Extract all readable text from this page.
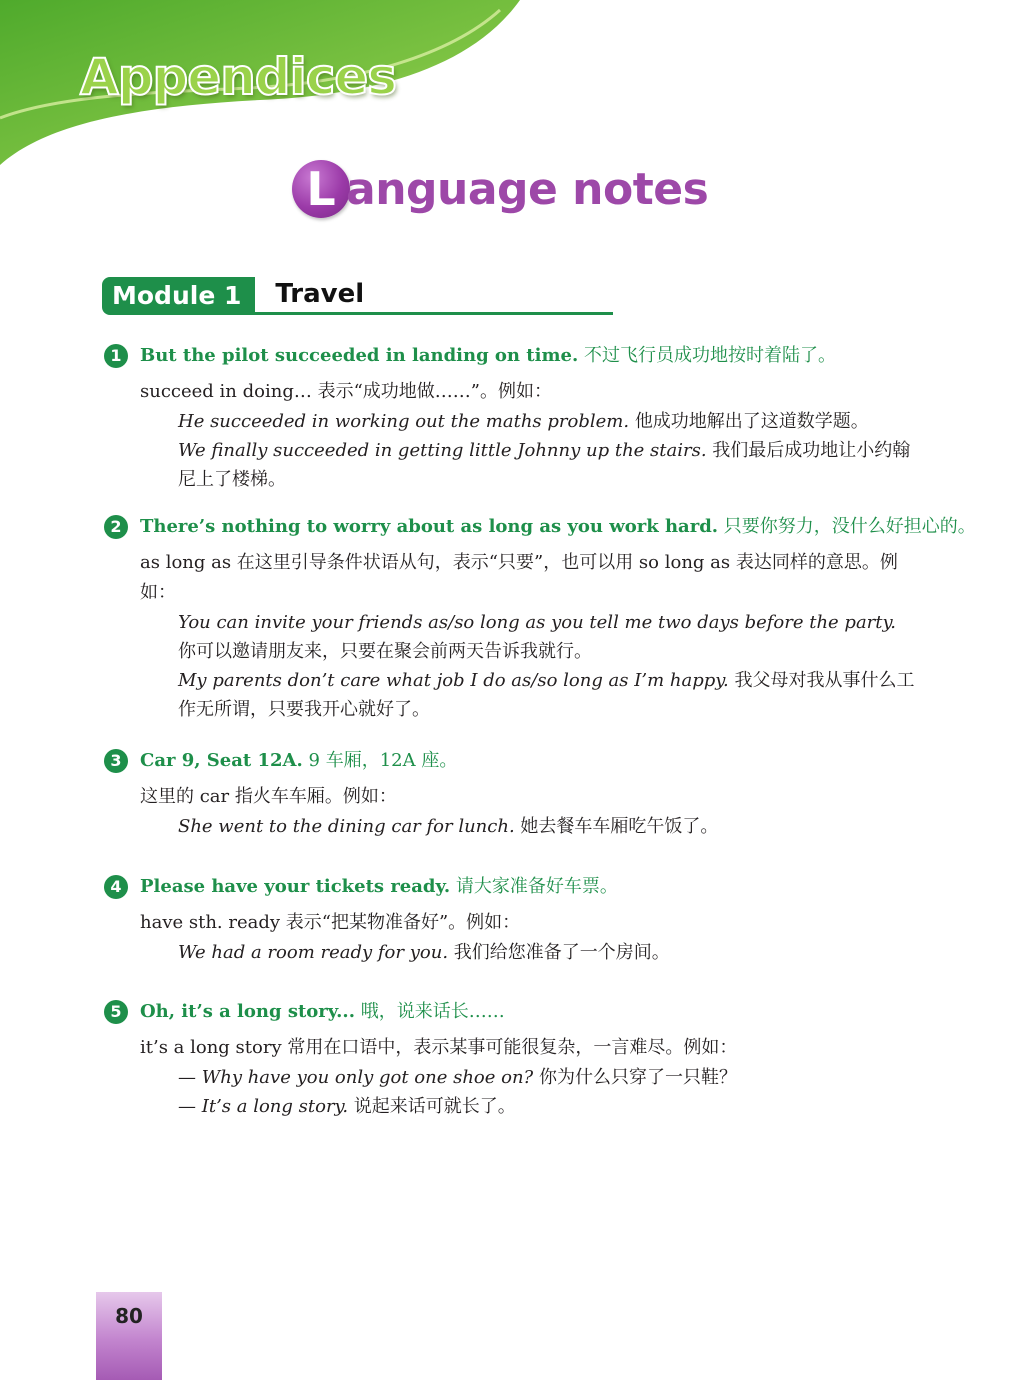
Appendices
L anguage notes
Module 1	Travel
1	But the pilot succeeded in landing on time. 不过飞行员成功地按时着陆了。
succeed in doing… 表示“成功地做……”。例如：
He succeeded in working out the maths problem. 他成功地解出了这道数学题。
We finally succeeded in getting little Johnny up the stairs. 我们最后成功地让小约翰尼上了楼梯。
2	There’s nothing to worry about as long as you work hard. 只要你努力，没什么好担心的。
as long as 在这里引导条件状语从句，表示“只要”，也可以用 so long as 表达同样的意思。例如：
You can invite your friends as/so long as you tell me two days before the party. 你可以邀请朋友来，只要在聚会前两天告诉我就行。
My parents don’t care what job I do as/so long as I’m happy. 我父母对我从事什么工作无所谓，只要我开心就好了。
3	Car 9, Seat 12A. 9 车厢，12A 座。
这里的 car 指火车车厢。例如：
She went to the dining car for lunch. 她去餐车车厢吃午饭了。
4	Please have your tickets ready. 请大家准备好车票。
have sth. ready 表示“把某物准备好”。例如：
We had a room ready for you. 我们给您准备了一个房间。
5	Oh, it’s a long story... 哦，说来话长……
it’s a long story 常用在口语中，表示某事可能很复杂，一言难尽。例如：
— Why have you only got one shoe on? 你为什么只穿了一只鞋？
— It’s a long story. 说起来话可就长了。
80
